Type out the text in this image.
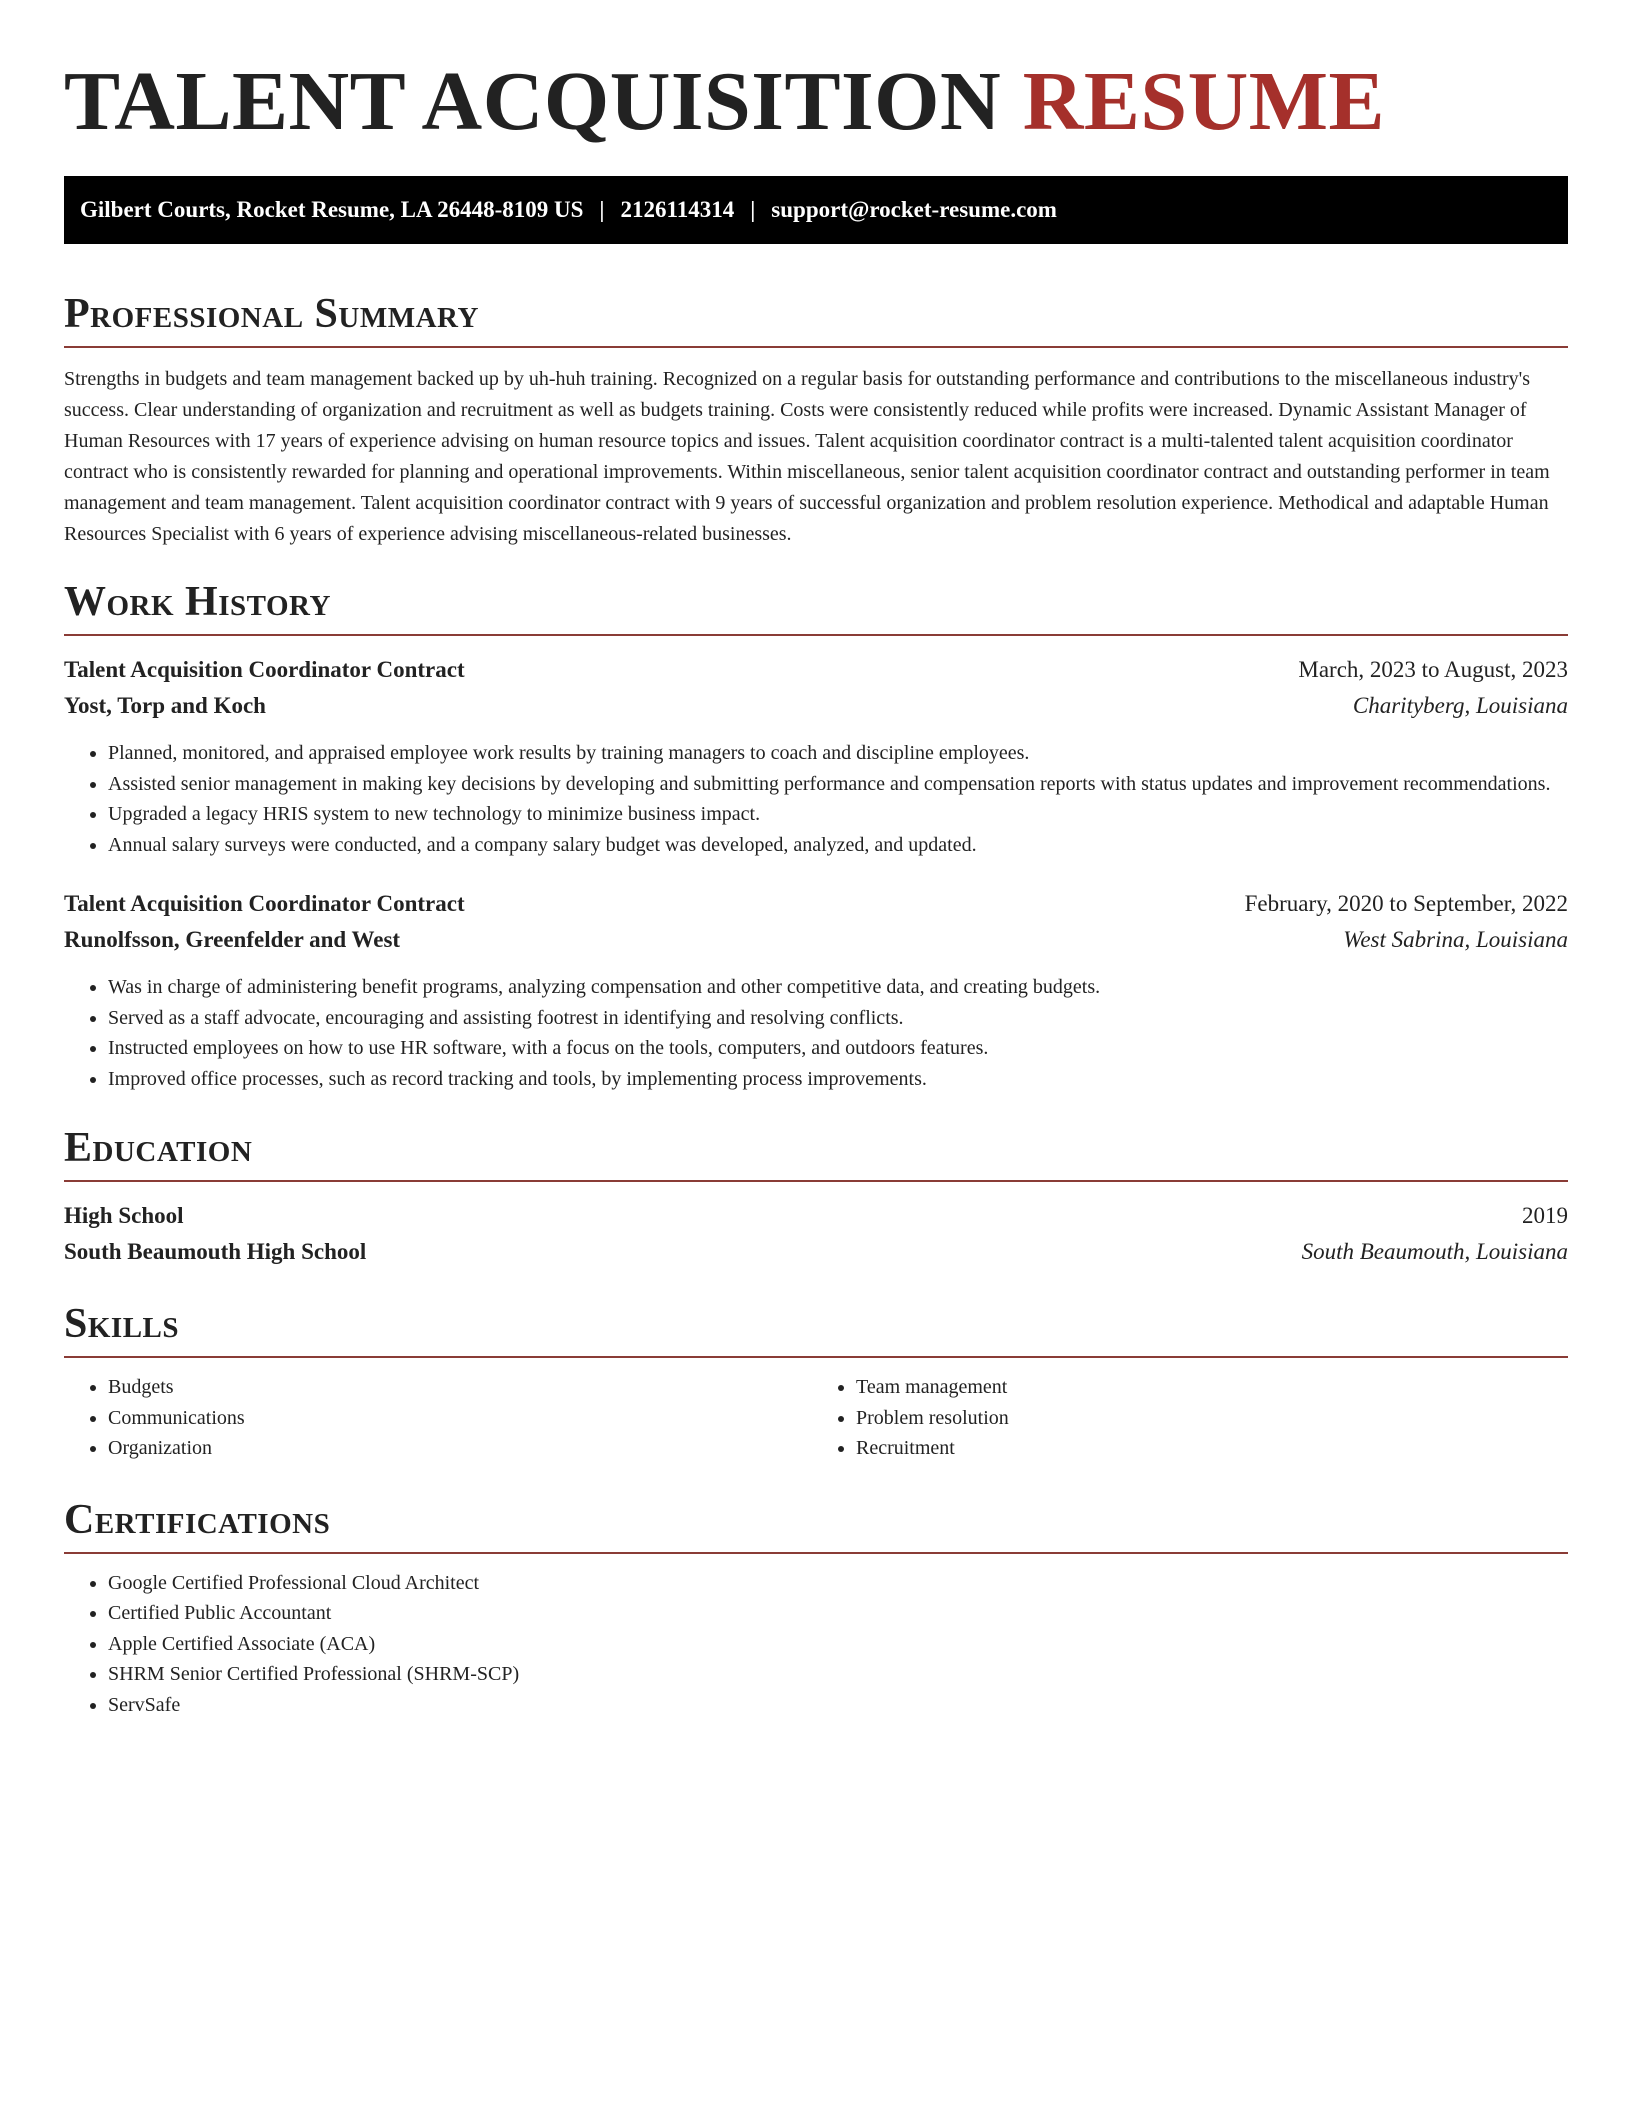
TALENT ACQUISITION RESUME
Gilbert Courts, Rocket Resume, LA 26448-8109 US | 2126114314 | support@rocket-resume.com
Professional Summary

Strengths in budgets and team management backed up by uh-huh training. Recognized on a regular basis for outstanding performance and contributions to the miscellaneous industry's success. Clear understanding of organization and recruitment as well as budgets training. Costs were consistently reduced while profits were increased. Dynamic Assistant Manager of Human Resources with 17 years of experience advising on human resource topics and issues. Talent acquisition coordinator contract is a multi-talented talent acquisition coordinator contract who is consistently rewarded for planning and operational improvements. Within miscellaneous, senior talent acquisition coordinator contract and outstanding performer in team management and team management. Talent acquisition coordinator contract with 9 years of successful organization and problem resolution experience. Methodical and adaptable Human Resources Specialist with 6 years of experience advising miscellaneous-related businesses.

Work History
Talent Acquisition Coordinator Contract	March, 2023 to August, 2023
Yost, Torp and Koch	Charityberg, Louisiana
• Planned, monitored, and appraised employee work results by training managers to coach and discipline employees.
• Assisted senior management in making key decisions by developing and submitting performance and compensation reports with status updates and improvement recommendations.
• Upgraded a legacy HRIS system to new technology to minimize business impact.
• Annual salary surveys were conducted, and a company salary budget was developed, analyzed, and updated.
Talent Acquisition Coordinator Contract	February, 2020 to September, 2022
Runolfsson, Greenfelder and West	West Sabrina, Louisiana
• Was in charge of administering benefit programs, analyzing compensation and other competitive data, and creating budgets.
• Served as a staff advocate, encouraging and assisting footrest in identifying and resolving conflicts.
• Instructed employees on how to use HR software, with a focus on the tools, computers, and outdoors features.
• Improved office processes, such as record tracking and tools, by implementing process improvements.
Education
High School	2019
South Beaumouth High School	South Beaumouth, Louisiana
Skills
• Budgets
• Communications
• Organization
• Team management
• Problem resolution
• Recruitment
Certifications
• Google Certified Professional Cloud Architect
• Certified Public Accountant
• Apple Certified Associate (ACA)
• SHRM Senior Certified Professional (SHRM-SCP)
• ServSafe
